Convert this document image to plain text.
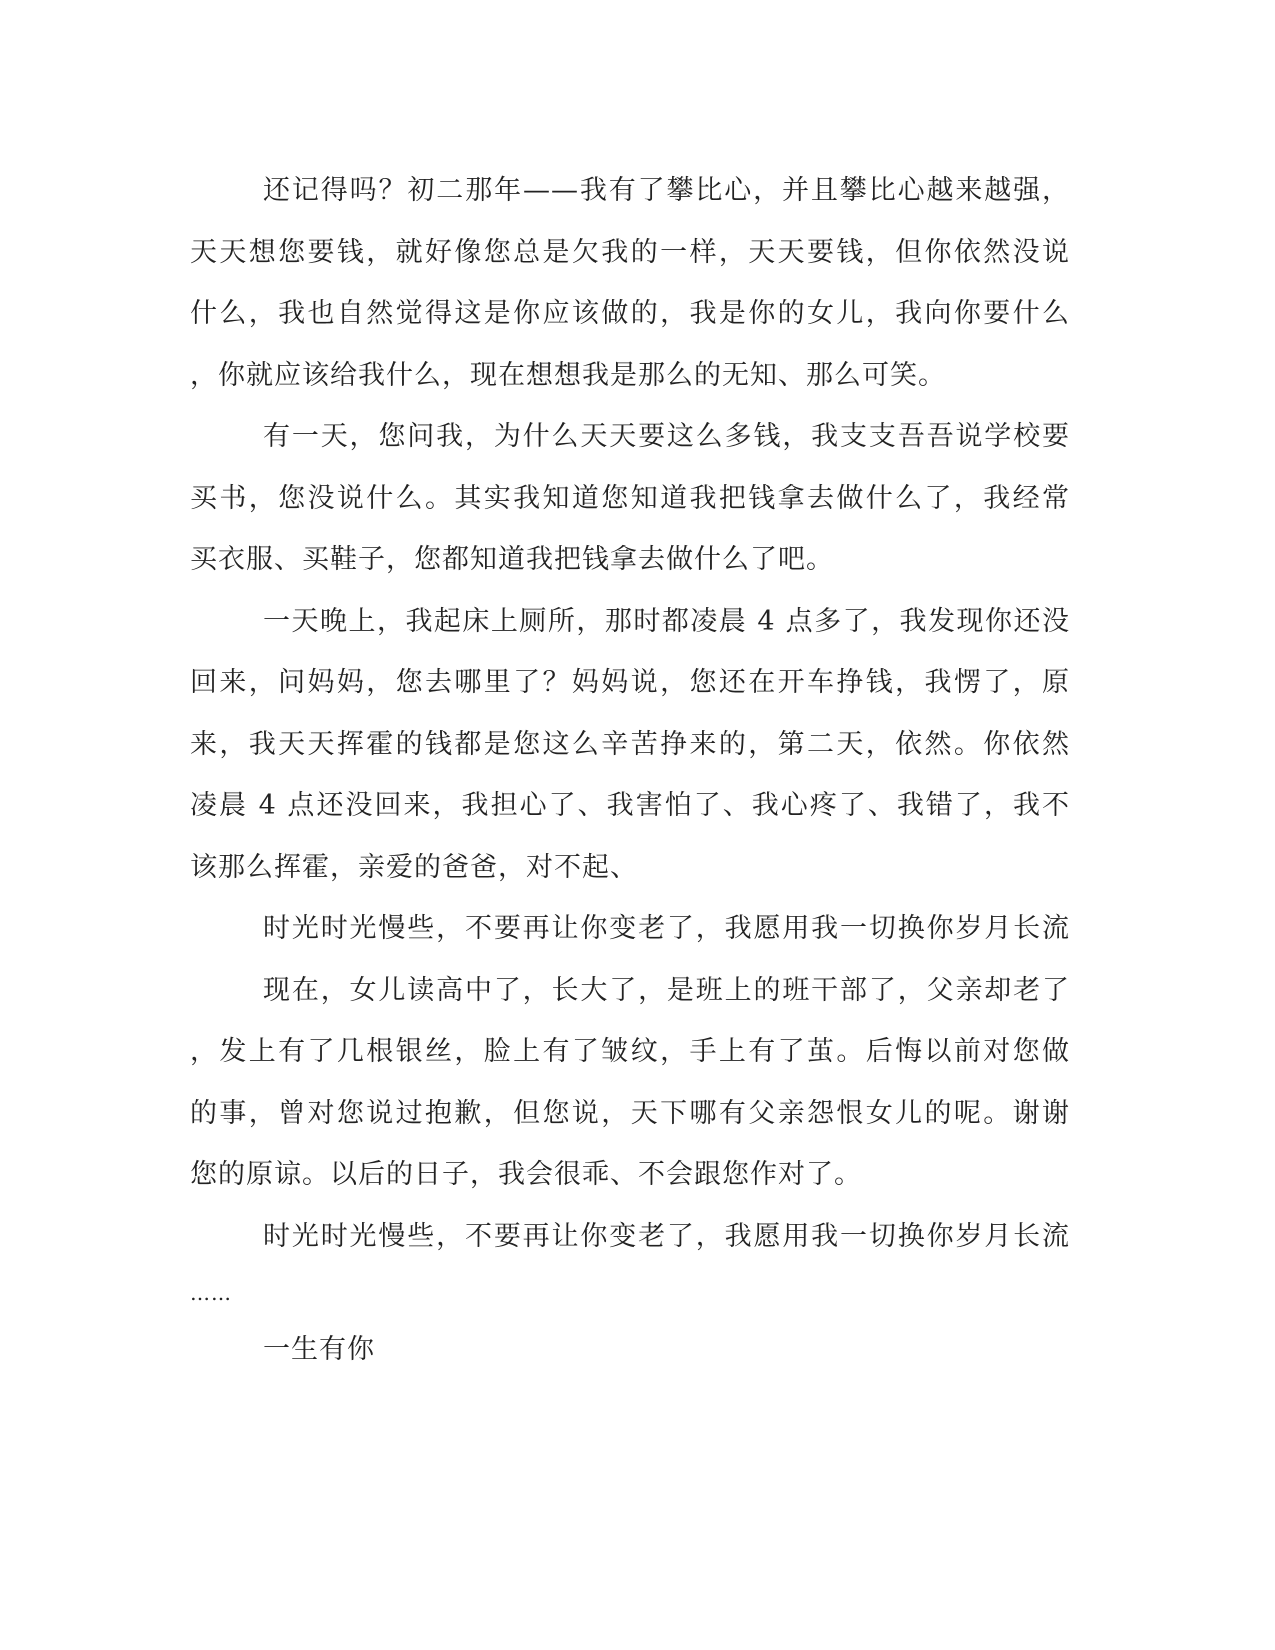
还记得吗？初二那年——我有了攀比心，并且攀比心越来越强，
天天想您要钱，就好像您总是欠我的一样，天天要钱，但你依然没说
什么，我也自然觉得这是你应该做的，我是你的女儿，我向你要什么
，你就应该给我什么，现在想想我是那么的无知、那么可笑。
有一天，您问我，为什么天天要这么多钱，我支支吾吾说学校要
买书，您没说什么。其实我知道您知道我把钱拿去做什么了，我经常
买衣服、买鞋子，您都知道我把钱拿去做什么了吧。
一天晚上，我起床上厕所，那时都凌晨 4 点多了，我发现你还没
回来，问妈妈，您去哪里了？妈妈说，您还在开车挣钱，我愣了，原
来，我天天挥霍的钱都是您这么辛苦挣来的，第二天，依然。你依然
凌晨 4 点还没回来，我担心了、我害怕了、我心疼了、我错了，我不
该那么挥霍，亲爱的爸爸，对不起、
时光时光慢些，不要再让你变老了，我愿用我一切换你岁月长流
现在，女儿读高中了，长大了，是班上的班干部了，父亲却老了
，发上有了几根银丝，脸上有了皱纹，手上有了茧。后悔以前对您做
的事，曾对您说过抱歉，但您说，天下哪有父亲怨恨女儿的呢。谢谢
您的原谅。以后的日子，我会很乖、不会跟您作对了。
时光时光慢些，不要再让你变老了，我愿用我一切换你岁月长流
……
一生有你
